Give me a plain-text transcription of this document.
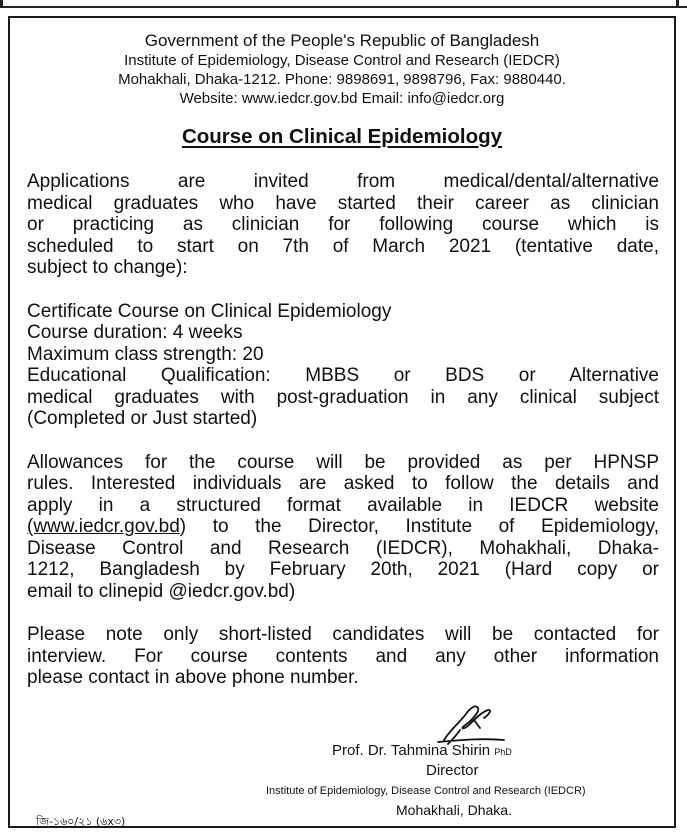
Government of the People's Republic of Bangladesh
Institute of Epidemiology, Disease Control and Research (IEDCR)
Mohakhali, Dhaka-1212. Phone: 9898691, 9898796, Fax: 9880440.
Website: www.iedcr.gov.bd Email: info@iedcr.org
Course on Clinical Epidemiology
Applications are invited from medical/dental/alternative
medical graduates who have started their career as clinician
or practicing as clinician for following course which is
scheduled to start on 7th of March 2021 (tentative date,
subject to change):
Certificate Course on Clinical Epidemiology
Course duration: 4 weeks
Maximum class strength: 20
Educational Qualification: MBBS or BDS or Alternative
medical graduates with post-graduation in any clinical subject
(Completed or Just started)
Allowances for the course will be provided as per HPNSP
rules. Interested individuals are asked to follow the details and
apply in a structured format available in IEDCR website
(www.iedcr.gov.bd) to the Director, Institute of Epidemiology,
Disease Control and Research (IEDCR), Mohakhali, Dhaka-
1212, Bangladesh by February 20th, 2021 (Hard copy or
email to clinepid @iedcr.gov.bd)
Please note only short-listed candidates will be contacted for
interview. For course contents and any other information
please contact in above phone number.
Prof. Dr. Tahmina Shirin PhD
Director
Institute of Epidemiology, Disease Control and Research (IEDCR)
Mohakhali, Dhaka.
জি-১৬০/২১ (৬x৩)
